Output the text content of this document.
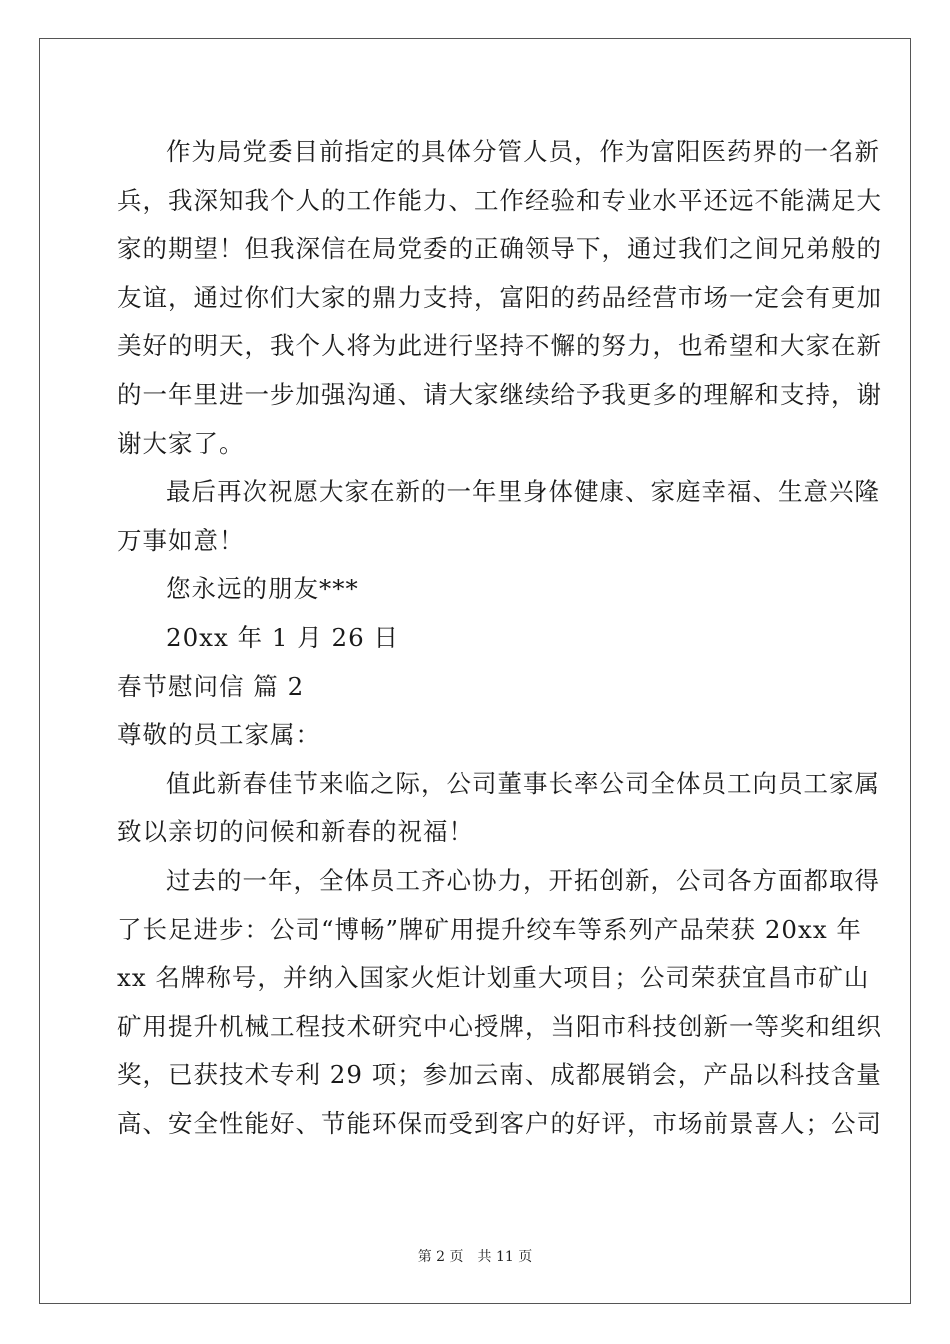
作为局党委目前指定的具体分管人员，作为富阳医药界的一名新
兵，我深知我个人的工作能力、工作经验和专业水平还远不能满足大
家的期望！但我深信在局党委的正确领导下，通过我们之间兄弟般的
友谊，通过你们大家的鼎力支持，富阳的药品经营市场一定会有更加
美好的明天，我个人将为此进行坚持不懈的努力，也希望和大家在新
的一年里进一步加强沟通、请大家继续给予我更多的理解和支持，谢
谢大家了。
最后再次祝愿大家在新的一年里身体健康、家庭幸福、生意兴隆
万事如意！
您永远的朋友***
20xx 年 1 月 26 日
春节慰问信 篇 2
尊敬的员工家属：
值此新春佳节来临之际，公司董事长率公司全体员工向员工家属
致以亲切的问候和新春的祝福！
过去的一年，全体员工齐心协力，开拓创新，公司各方面都取得
了长足进步：公司“博畅”牌矿用提升绞车等系列产品荣获 20xx 年
xx 名牌称号，并纳入国家火炬计划重大项目；公司荣获宜昌市矿山
矿用提升机械工程技术研究中心授牌，当阳市科技创新一等奖和组织
奖，已获技术专利 29 项；参加云南、成都展销会，产品以科技含量
高、安全性能好、节能环保而受到客户的好评，市场前景喜人；公司
第 2 页 共 11 页
